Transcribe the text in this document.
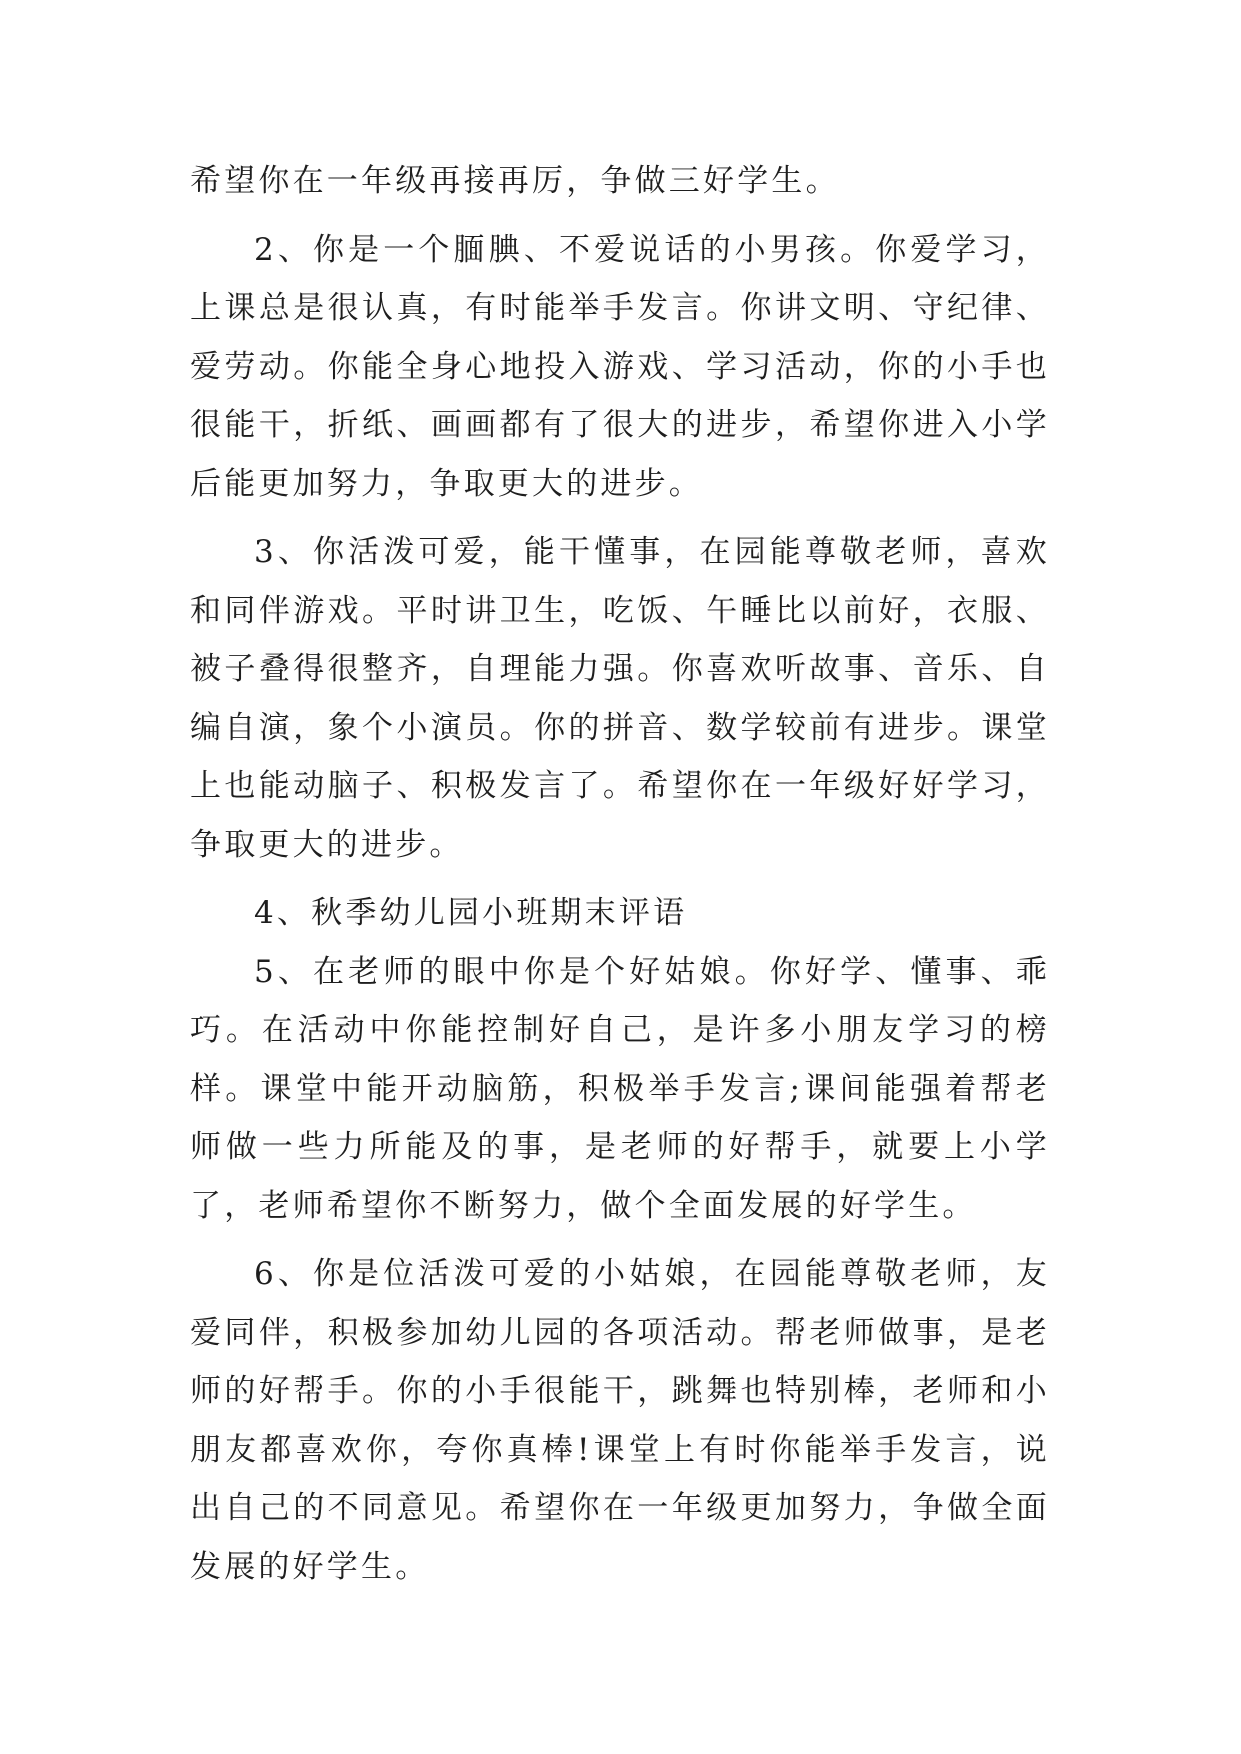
希望你在一年级再接再厉，争做三好学生。

2、你是一个腼腆、不爱说话的小男孩。你爱学习，上课总是很认真，有时能举手发言。你讲文明、守纪律、爱劳动。你能全身心地投入游戏、学习活动，你的小手也很能干，折纸、画画都有了很大的进步，希望你进入小学后能更加努力，争取更大的进步。

3、你活泼可爱，能干懂事，在园能尊敬老师，喜欢和同伴游戏。平时讲卫生，吃饭、午睡比以前好，衣服、被子叠得很整齐，自理能力强。你喜欢听故事、音乐、自编自演，象个小演员。你的拼音、数学较前有进步。课堂上也能动脑子、积极发言了。希望你在一年级好好学习，争取更大的进步。

4、秋季幼儿园小班期末评语

5、在老师的眼中你是个好姑娘。你好学、懂事、乖巧。在活动中你能控制好自己，是许多小朋友学习的榜样。课堂中能开动脑筋，积极举手发言;课间能强着帮老师做一些力所能及的事，是老师的好帮手，就要上小学了，老师希望你不断努力，做个全面发展的好学生。

6、你是位活泼可爱的小姑娘，在园能尊敬老师，友爱同伴，积极参加幼儿园的各项活动。帮老师做事，是老师的好帮手。你的小手很能干，跳舞也特别棒，老师和小朋友都喜欢你，夸你真棒!课堂上有时你能举手发言，说出自己的不同意见。希望你在一年级更加努力，争做全面发展的好学生。
